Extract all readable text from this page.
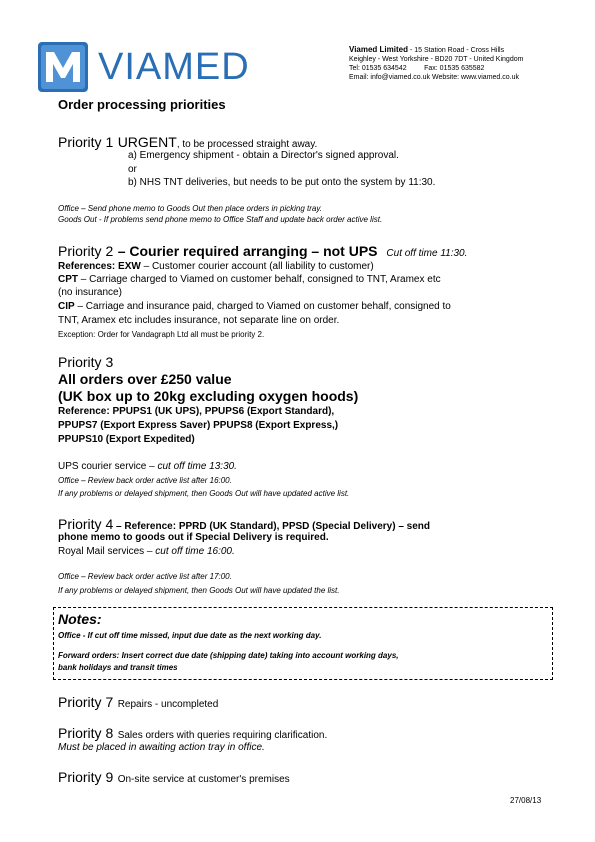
VIAMED	Viamed Limited - 15 Station Road - Cross Hills
Keighley - West Yorkshire - BD20 7DT - United Kingdom
Tel: 01535 634542	Fax: 01535 635582
Email: info@viamed.co.uk Website: www.viamed.co.uk
Order processing priorities
Priority 1 URGENT, to be processed straight away.
a) Emergency shipment - obtain a Director's signed approval.
or
b) NHS TNT deliveries, but needs to be put onto the system by 11:30.
Office – Send phone memo to Goods Out then place orders in picking tray.
Goods Out - If problems send phone memo to Office Staff and update back order active list.
Priority 2 – Courier required arranging – not UPS Cut off time 11:30.
References: EXW – Customer courier account (all liability to customer)
CPT – Carriage charged to Viamed on customer behalf, consigned to TNT, Aramex etc
(no insurance)
CIP – Carriage and insurance paid, charged to Viamed on customer behalf, consigned to
TNT, Aramex etc includes insurance, not separate line on order.
Exception: Order for Vandagraph Ltd all must be priority 2.
Priority 3
All orders over £250 value
(UK box up to 20kg excluding oxygen hoods)
Reference: PPUPS1 (UK UPS), PPUPS6 (Export Standard),
PPUPS7 (Export Express Saver) PPUPS8 (Export Express,)
PPUPS10 (Export Expedited)
UPS courier service – cut off time 13:30.
Office – Review back order active list after 16:00.
If any problems or delayed shipment, then Goods Out will have updated active list.
Priority 4 – Reference: PPRD (UK Standard), PPSD (Special Delivery) – send
phone memo to goods out if Special Delivery is required.
Royal Mail services – cut off time 16:00.
Office – Review back order active list after 17:00.
If any problems or delayed shipment, then Goods Out will have updated the list.
Notes:
Office - If cut off time missed, input due date as the next working day.
Forward orders: Insert correct due date (shipping date) taking into account working days,
bank holidays and transit times
Priority 7 Repairs - uncompleted
Priority 8 Sales orders with queries requiring clarification.
Must be placed in awaiting action tray in office.
Priority 9 On-site service at customer's premises
27/08/13
